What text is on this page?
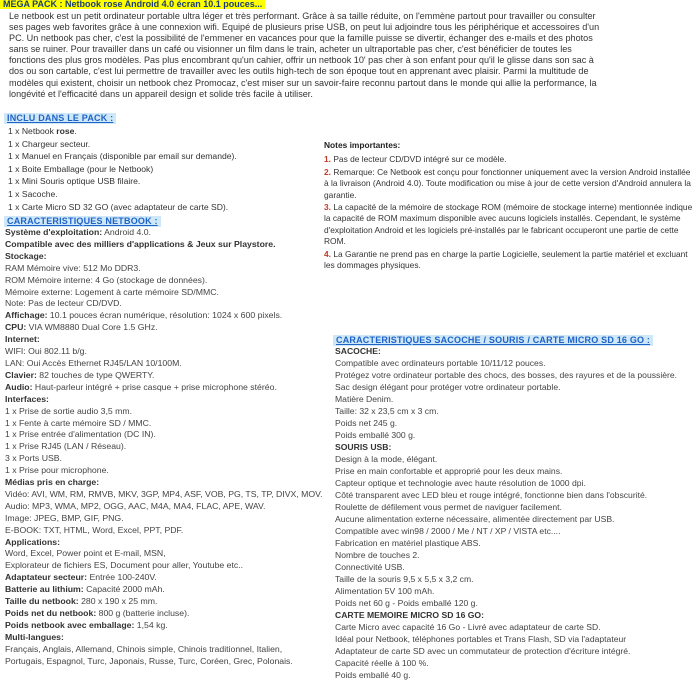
MEGA PACK : Netbook rose Android 4.0 écran 10.1 pouces...
Le netbook est un petit ordinateur portable ultra léger et très performant. Grâce à sa taille réduite, on l'emmène partout pour travailler ou consulter ses pages web favorites grâce à une connexion wifi. Equipé de plusieurs prise USB, on peut lui adjoindre tous les périphérique et accessoires d'un PC. Un netbook pas cher, c'est la possibilité de l'emmener en vacances pour que la famille puisse se divertir, échanger des e-mails et des photos sans se ruiner. Pour travailler dans un café ou visionner un film dans le train, acheter un ultraportable pas cher, c'est bénéficier de toutes les fonctions des plus gros modèles. Pas plus encombrant qu'un cahier, offrir un netbook 10' pas cher à son enfant pour qu'il le glisse dans son sac à dos ou son cartable, c'est lui permettre de travailler avec les outils high-tech de son époque tout en apprenant avec plaisir. Parmi la multitude de modèles qui existent, choisir un netbook chez Promocaz, c'est miser sur un savoir-faire reconnu partout dans le monde qui allie la performance, la longévité et l'efficacité dans un appareil design et solide très facile à utiliser.
INCLU DANS LE PACK :
1 x Netbook rose.
1 x Chargeur secteur.
1 x Manuel en Français (disponible par email sur demande).
1 x Boite Emballage (pour le Netbook)
1 x Mini Souris optique USB filaire.
1 x Sacoche.
1 x Carte Micro SD 32 GO (avec adaptateur de carte SD).
CARACTERISTIQUES NETBOOK :
Système d'exploitation: Android 4.0.
Compatible avec des milliers d'applications & Jeux sur Playstore.
Stockage:
RAM Mémoire vive: 512 Mo DDR3.
ROM Mémoire interne: 4 Go (stockage de données).
Mémoire externe: Logement à carte mémoire SD/MMC.
Note: Pas de lecteur CD/DVD.
Affichage: 10.1 pouces écran numérique, résolution: 1024 x 600 pixels.
CPU: VIA WM8880 Dual Core 1.5 GHz.
Internet:
WIFI: Oui 802.11 b/g.
LAN: Oui Accès Ethernet RJ45/LAN 10/100M.
Clavier: 82 touches de type QWERTY.
Audio: Haut-parleur intégré + prise casque + prise microphone stéréo.
Interfaces:
1 x Prise de sortie audio 3,5 mm.
1 x Fente à carte mémoire SD / MMC.
1 x Prise entrée d'alimentation (DC IN).
1 x Prise RJ45 (LAN / Réseau).
3 x Ports USB.
1 x Prise pour microphone.
Médias pris en charge:
Vidéo: AVI, WM, RM, RMVB, MKV, 3GP, MP4, ASF, VOB, PG, TS, TP, DIVX, MOV.
Audio: MP3, WMA, MP2, OGG, AAC, M4A, MA4, FLAC, APE, WAV.
Image: JPEG, BMP, GIF, PNG.
E-BOOK: TXT, HTML, Word, Excel, PPT, PDF.
Applications:
Word, Excel, Power point et E-mail, MSN,
Explorateur de fichiers ES, Document pour aller, Youtube etc..
Adaptateur secteur: Entrée 100-240V.
Batterie au lithium: Capacité 2000 mAh.
Taille du netbook: 280 x 190 x 25 mm.
Poids net du netbook: 800 g (batterie incluse).
Poids netbook avec emballage: 1,54 kg.
Multi-langues:
Français, Anglais, Allemand, Chinois simple, Chinois traditionnel, Italien,
Portugais, Espagnol, Turc, Japonais, Russe, Turc, Coréen, Grec, Polonais.
Notes importantes:
1. Pas de lecteur CD/DVD intégré sur ce modèle.
2. Remarque: Ce Netbook est conçu pour fonctionner uniquement avec la version Android installée à la livraison (Android 4.0). Toute modification ou mise à jour de cette version d'Android annulera la garantie.
3. La capacité de la mémoire de stockage ROM (mémoire de stockage interne) mentionnée indique la capacité de ROM maximum disponible avec aucuns logiciels installés. Cependant, le système d'exploitation Android et les logiciels pré-installés par le fabricant occuperont une partie de cette ROM.
4. La Garantie ne prend pas en charge la partie Logicielle, seulement la partie matériel et excluant les dommages physiques.
CARACTERISTIQUES SACOCHE / SOURIS / CARTE MICRO SD 16 GO :
SACOCHE:
Compatible avec ordinateurs portable 10/11/12 pouces.
Protégez votre ordinateur portable des chocs, des bosses, des rayures et de la poussière.
Sac design élégant pour protéger votre ordinateur portable.
Matière Denim.
Taille: 32 x 23,5 cm x 3 cm.
Poids net 245 g.
Poids emballé 300 g.
SOURIS USB:
Design à la mode, élégant.
Prise en main confortable et approprié pour les deux mains.
Capteur optique et technologie avec haute résolution de 1000 dpi.
Côté transparent avec LED bleu et rouge intégré, fonctionne bien dans l'obscurité.
Roulette de défilement vous permet de naviguer facilement.
Aucune alimentation externe nécessaire, alimentée directement par USB.
Compatible avec win98 / 2000 / Me / NT / XP / VISTA etc....
Fabrication en matériel plastique ABS.
Nombre de touches 2.
Connectivité USB.
Taille de la souris 9,5 x 5,5 x 3,2 cm.
Alimentation 5V 100 mAh.
Poids net 60 g - Poids emballé 120 g.
CARTE MEMOIRE MICRO SD 16 GO:
Carte Micro avec capacité 16 Go - Livré avec adaptateur de carte SD.
Idéal pour Netbook, téléphones portables et Trans Flash, SD via l'adaptateur
Adaptateur de carte SD avec un commutateur de protection d'écriture intégré.
Capacité réelle à 100 %.
Poids emballé 40 g.
